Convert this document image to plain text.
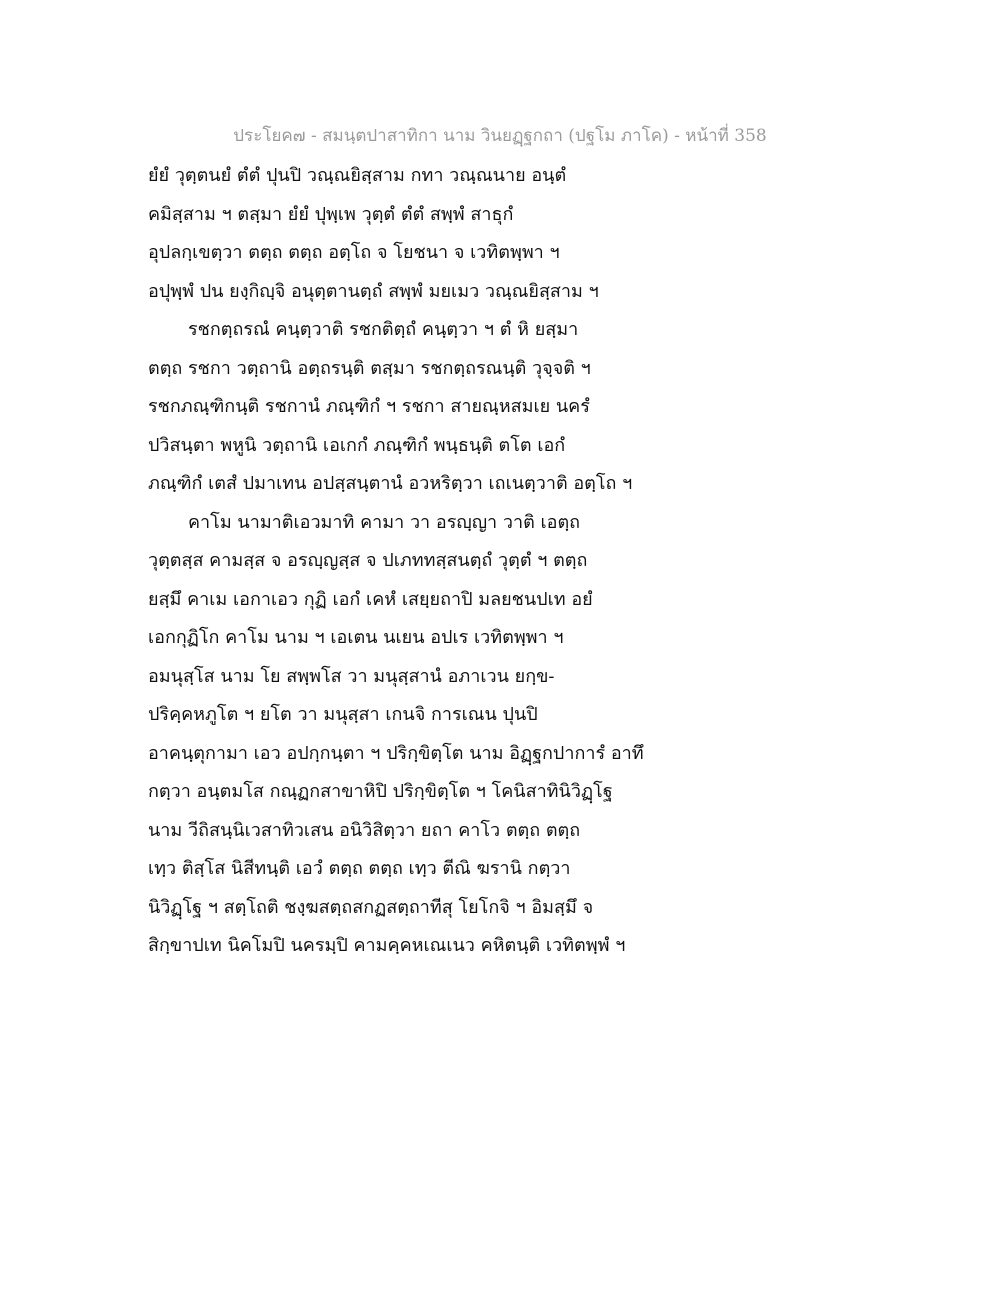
ประโยค๗ - สมนฺตปาสาทิกา นาม วินยฏฺฐกถา (ปฐโม ภาโค) - หน้าที่ 358
ยํยํ วุตฺตนยํ ตํตํ ปุนปิ วณฺณยิสฺสาม กทา วณฺณนาย อนฺตํ
คมิสฺสาม ฯ ตสฺมา ยํยํ ปุพฺเพ วุตฺตํ ตํตํ สพฺพํ สาธุกํ
อุปลกฺเขตฺวา ตตฺถ ตตฺถ อตฺโถ จ โยชนา จ เวทิตพฺพา ฯ
อปุพฺพํ ปน ยงฺกิญฺจิ อนุตฺตานตฺถํ สพฺพํ มยเมว วณฺณยิสฺสาม ฯ
รชกตฺถรณํ คนฺตฺวาติ รชกติตฺถํ คนฺตฺวา ฯ ตํ หิ ยสฺมา
ตตฺถ รชกา วตฺถานิ อตฺถรนฺติ ตสฺมา รชกตฺถรณนฺติ วุจฺจติ ฯ
รชกภณฺฑิกนฺติ รชกานํ ภณฺฑิกํ ฯ รชกา สายณฺหสมเย นครํ
ปวิสนฺตา พหูนิ วตฺถานิ เอเกกํ ภณฺฑิกํ พนฺธนฺติ ตโต เอกํ
ภณฺฑิกํ เตสํ ปมาเทน อปสฺสนฺตานํ อวหริตฺวา เถเนตฺวาติ อตฺโถ ฯ
คาโม นามาติเอวมาทิ คามา วา อรญฺญา วาติ เอตฺถ
วุตฺตสฺส คามสฺส จ อรญฺญสฺส จ ปเภททสฺสนตฺถํ วุตฺตํ ฯ ตตฺถ
ยสฺมึ คาเม เอกาเอว กุฏิ เอกํ เคหํ เสยฺยถาปิ มลยชนปเท อยํ
เอกกุฏิโก คาโม นาม ฯ เอเตน นเยน อปเร เวทิตพฺพา ฯ
อมนุสฺโส นาม โย สพฺพโส วา มนุสฺสานํ อภาเวน ยกฺข-
ปริคฺคหภูโต ฯ ยโต วา มนุสฺสา เกนจิ การเณน ปุนปิ
อาคนฺตุกามา เอว อปกฺกนฺตา ฯ ปริกฺขิตฺโต นาม อิฏฺฐกปาการํ อาทึ
กตฺวา อนฺตมโส กณฺฏกสาขาหิปิ ปริกฺขิตฺโต ฯ โคนิสาทินิวิฏฺโฐ
นาม วีถิสนฺนิเวสาทิวเสน อนิวิสิตฺวา ยถา คาโว ตตฺถ ตตฺถ
เทฺว ติสฺโส นิสีทนฺติ เอวํ ตตฺถ ตตฺถ เทฺว ตีณิ ฆรานิ กตฺวา
นิวิฏฺโฐ ฯ สตฺโถติ ชงฺฆสตฺถสกฏสตฺถาทีสุ โยโกจิ ฯ อิมสฺมึ จ
สิกฺขาปเท นิคโมปิ นครมฺปิ คามคฺคหเณเนว คหิตนฺติ เวทิตพฺพํ ฯ
